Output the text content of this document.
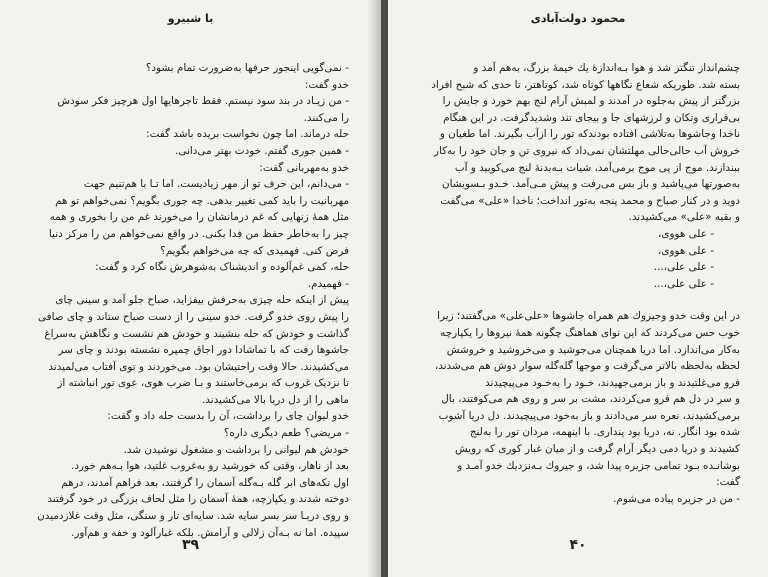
با شبیرو
- نمی‌گویی اینجور حرفها به‌ضرورت تمام بشود؟
خدو گفت:
- من زیـاد در بند سود نیستم. فقط تاجرها‌یها اول هرچیز فکر سودش
را می‌کنند.
حله درماند. اما چون نخواست بریده باشد گفت:
- همین جوری گفتم. خودت بهتر می‌دانی.
خدو به‌مهربانی گفت:
- می‌دانم، این حرف تو از مهر زیادیست. اما تـا با هم‌تنیم جهت
مهربانیت را باید کمی تغییر بدهی. چه جوری بگویم؟ نمی‌خواهم تو هم
مثل همهٔ زنهایی که غم درمانشان را می‌خورند غم من را بخوری و همه
چیز را به‌خاطر حفظ من فدا بکنی. در واقع نمی‌خواهم من را مرکز دنیا
فرض کنی. فهمیدی که چه می‌خواهم بگویم؟
حله، کمی غم‌آلوده و اندیشناک به‌شوهرش نگاه کرد و گفت:
- فهمیدم.
پیش از اینکه حله چیزی به‌حرفش بیفزاید، صباح جلو آمد و سینی چای
را پیش روی خدو گرفت. خدو سینی را از دست صباح ستاند و چای صافی
گذاشت و خودش که حله بنشیند و خودش هم نشست و نگاهش به‌سراغ
جاشوها رفت که با تماشادا دور اجاق چمپره نشسته بودند و چای سر
می‌کشیدند. حالا وقت راحتیشان بود. می‌خوردند و توی آفتاب می‌لمیدند
تا نزدیک غروب که برمی‌خاستند و بـا ضرب هوی، عوی تور انباشته از
ماهی را از دل دریا بالا می‌کشیدند.
خدو لیوان چای را برداشت، آن را بدست حله داد و گفت:
- مریضی؟ طعم دیگری داره؟
خودش هم لیوانی را برداشت و مشغول نوشیدن شد.
بعد از ناهار، وقتی که خورشید رو به‌غروب غلتید، هوا بـه‌هم خورد.
اول تکه‌های ابر گله بـه‌گله آسمان را گرفتند، بعد فراهم آمدند، درهم
دوخته شدند و یکپارچه، همهٔ آسمان را مثل لحاف بزرگی در خود گرفتند
و روی دریـا سر بسر سایه شد. سایه‌ای تار و سنگی، مثل وقت غلازدمیدن
سپیده. اما نه بـه‌آن زلالی و آرامش. بلکه غبارآلود و خفه و هم‌آور.
۳۹
محمود دولت‌آبادی
چشم‌انداز تنگتر شد و هوا بـه‌اندازهٔ یك خیمهٔ بزرگ، به‌هم آمد و
بسته شد. طوریکه شعاع نگاهها کوتاه شد، کوتاهتر، تا حدی که شبح افراد
بزرگتر از پیش به‌جلوه در آمدند و لمبش آرام لنج بهم خورد و جایش را
بی‌قراری وتکان و لرزشهای جا و بیجای تند وشدیدگرفت. در این هنگام
ناخدا وجاشوها به‌تلاشی افتاده بودندکه تور را ازآب بگیرند. اما طغیان و
خروش آب حالی‌حالی مهلتشان نمی‌داد که نیروی تن و جان خود را به‌کار
ببندازند. موج از پی موج برمی‌آمد، شیات بـه‌بدنهٔ لنج می‌کوبید و آب
به‌صورتها می‌پاشید و باز بس می‌رفت و پیش مـی‌آمد. خـدو بـسویشان
دوید و در کنار صباح و محمد پنجه به‌تور انداخت؛ ناخدا «علی» می‌گفت
و بقیه «علی» می‌کشیدند.
- علی هووی،
- علی هووی،
- علی علی،...
- علی علی،...
در این وقت خدو وجیروك هم همراه جاشوها «علی‌علی» می‌گفتند؛ زیرا
خوب حس می‌کردند که این نوای هماهنگ چگونه همهٔ نیروها را یکپارچه
به‌کار می‌اندازد. اما دریا همچنان می‌جوشید و می‌خروشید و خروشش
لحظه به‌لحظه بالاتر می‌گرفت و موجها گله‌گله سوار دوش هم می‌شدند،
فرو می‌غلتیدند و باز برمی‌جهیدند، خـود را به‌خـود می‌پیچیدند
و سر در دل هم فرو می‌کردند، مشت بر سر و روی هم می‌کوفتند، بال
برمی‌کشیدند، نعره سر می‌دادند و باز به‌خود می‌پیچیدند. دل دریا آشوب
شده بود انگار. نه، دریا بود پنداری. با اینهمه، مردان تور را به‌لنج
کشیدند و دریا دمی دیگر آرام گرفت و از میان غبار کوری که رویش
بوشانـده بـود تمامی جزیره پیدا شد، و جیروك بـه‌نزدیك خدو آمـد و
گفت:
- من در جزیره پیاده می‌شوم.
۴۰
